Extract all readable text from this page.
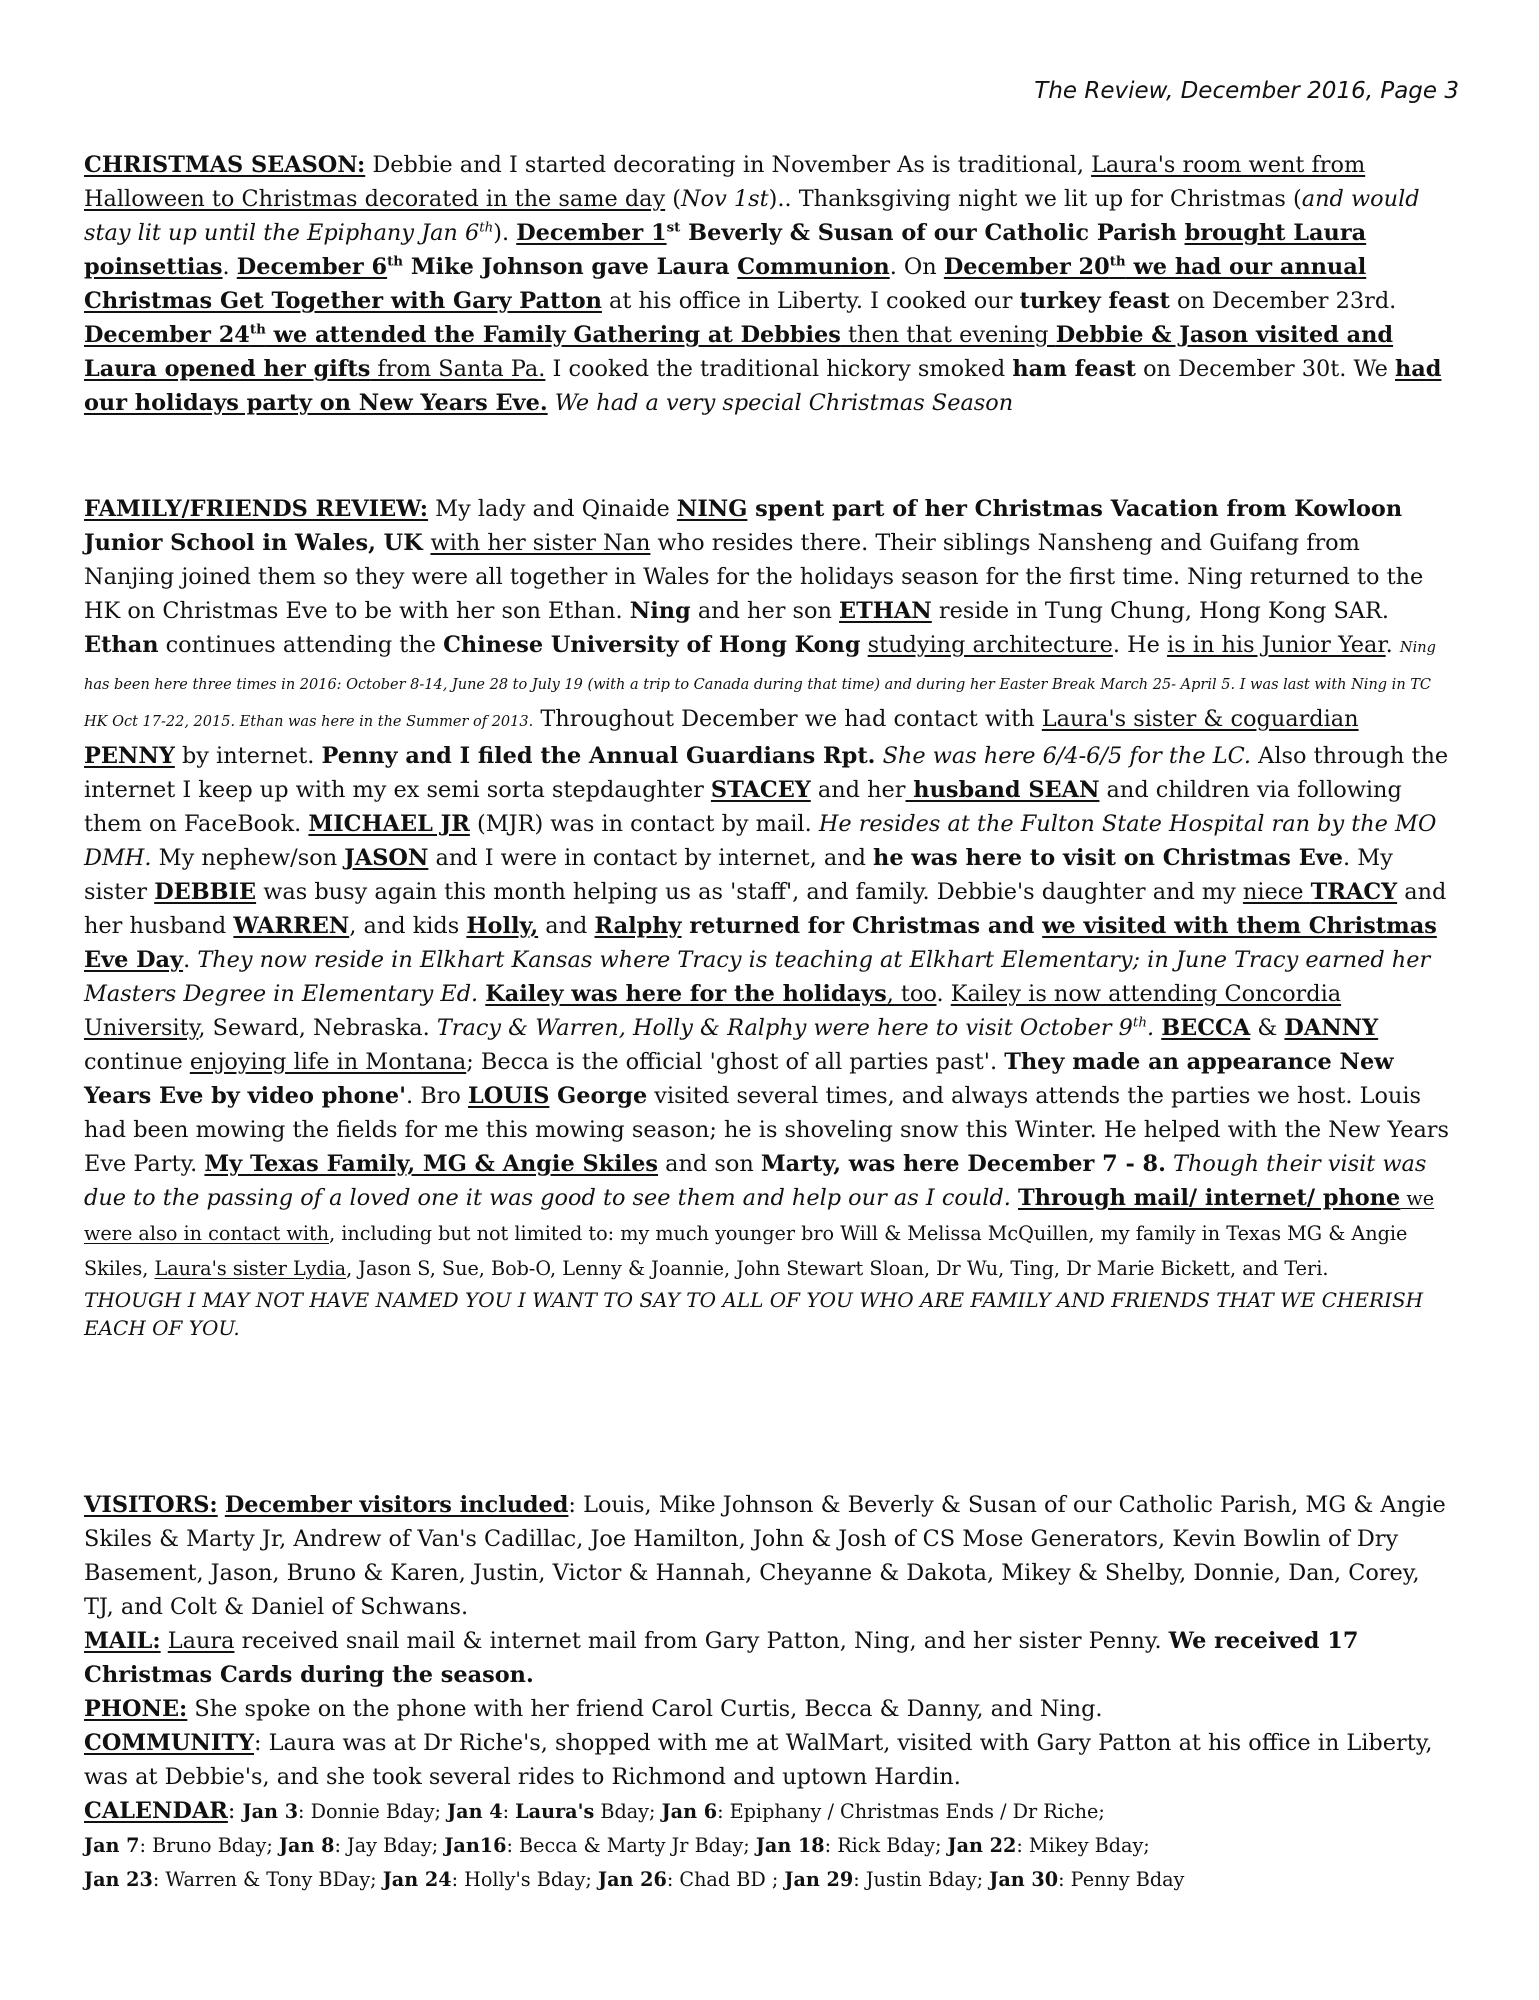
The Review, December 2016, Page 3
CHRISTMAS SEASON: Debbie and I started decorating in November As is traditional, Laura's room went from Halloween to Christmas decorated in the same day (Nov 1st).. Thanksgiving night we lit up for Christmas (and would stay lit up until the Epiphany Jan 6th). December 1st Beverly & Susan of our Catholic Parish brought Laura poinsettias. December 6th Mike Johnson gave Laura Communion. On December 20th we had our annual Christmas Get Together with Gary Patton at his office in Liberty. I cooked our turkey feast on December 23rd. December 24th we attended the Family Gathering at Debbies then that evening Debbie & Jason visited and Laura opened her gifts from Santa Pa. I cooked the traditional hickory smoked ham feast on December 30t. We had our holidays party on New Years Eve. We had a very special Christmas Season
FAMILY/FRIENDS REVIEW: My lady and Qinaide NING spent part of her Christmas Vacation from Kowloon Junior School in Wales, UK with her sister Nan who resides there. Their siblings Nansheng and Guifang from Nanjing joined them so they were all together in Wales for the holidays season for the first time. Ning returned to the HK on Christmas Eve to be with her son Ethan. Ning and her son ETHAN reside in Tung Chung, Hong Kong SAR. Ethan continues attending the Chinese University of Hong Kong studying architecture. He is in his Junior Year. Ning has been here three times in 2016: October 8-14, June 28 to July 19 (with a trip to Canada during that time) and during her Easter Break March 25- April 5. I was last with Ning in TC HK Oct 17-22, 2015. Ethan was here in the Summer of 2013. Throughout December we had contact with Laura's sister & coguardian PENNY by internet. Penny and I filed the Annual Guardians Rpt. She was here 6/4-6/5 for the LC. Also through the internet I keep up with my ex semi sorta stepdaughter STACEY and her husband SEAN and children via following them on FaceBook. MICHAEL JR (MJR) was in contact by mail. He resides at the Fulton State Hospital ran by the MO DMH. My nephew/son JASON and I were in contact by internet, and he was here to visit on Christmas Eve. My sister DEBBIE was busy again this month helping us as 'staff', and family. Debbie's daughter and my niece TRACY and her husband WARREN, and kids Holly, and Ralphy returned for Christmas and we visited with them Christmas Eve Day. They now reside in Elkhart Kansas where Tracy is teaching at Elkhart Elementary; in June Tracy earned her Masters Degree in Elementary Ed. Kailey was here for the holidays, too. Kailey is now attending Concordia University, Seward, Nebraska. Tracy & Warren, Holly & Ralphy were here to visit October 9th. BECCA & DANNY continue enjoying life in Montana; Becca is the official 'ghost of all parties past'. They made an appearance New Years Eve by video phone'. Bro LOUIS George visited several times, and always attends the parties we host. Louis had been mowing the fields for me this mowing season; he is shoveling snow this Winter. He helped with the New Years Eve Party. My Texas Family, MG & Angie Skiles and son Marty, was here December 7 - 8. Though their visit was due to the passing of a loved one it was good to see them and help our as I could. Through mail/ internet/ phone we were also in contact with, including but not limited to: my much younger bro Will & Melissa McQuillen, my family in Texas MG & Angie Skiles, Laura's sister Lydia, Jason S, Sue, Bob-O, Lenny & Joannie, John Stewart Sloan, Dr Wu, Ting, Dr Marie Bickett, and Teri.
THOUGH I MAY NOT HAVE NAMED YOU I WANT TO SAY TO ALL OF YOU WHO ARE FAMILY AND FRIENDS THAT WE CHERISH EACH OF YOU.
VISITORS: December visitors included: Louis, Mike Johnson & Beverly & Susan of our Catholic Parish, MG & Angie Skiles & Marty Jr, Andrew of Van's Cadillac, Joe Hamilton, John & Josh of CS Mose Generators, Kevin Bowlin of Dry Basement, Jason, Bruno & Karen, Justin, Victor & Hannah, Cheyanne & Dakota, Mikey & Shelby, Donnie, Dan, Corey, TJ, and Colt & Daniel of Schwans.
MAIL: Laura received snail mail & internet mail from Gary Patton, Ning, and her sister Penny. We received 17 Christmas Cards during the season.
PHONE: She spoke on the phone with her friend Carol Curtis, Becca & Danny, and Ning.
COMMUNITY: Laura was at Dr Riche's, shopped with me at WalMart, visited with Gary Patton at his office in Liberty, was at Debbie's, and she took several rides to Richmond and uptown Hardin.
CALENDAR: Jan 3: Donnie Bday; Jan 4: Laura's Bday; Jan 6: Epiphany / Christmas Ends / Dr Riche;
Jan 7: Bruno Bday; Jan 8: Jay Bday; Jan16: Becca & Marty Jr Bday; Jan 18: Rick Bday; Jan 22: Mikey Bday;
Jan 23: Warren & Tony BDay; Jan 24: Holly's Bday; Jan 26: Chad BD ; Jan 29: Justin Bday; Jan 30: Penny Bday
